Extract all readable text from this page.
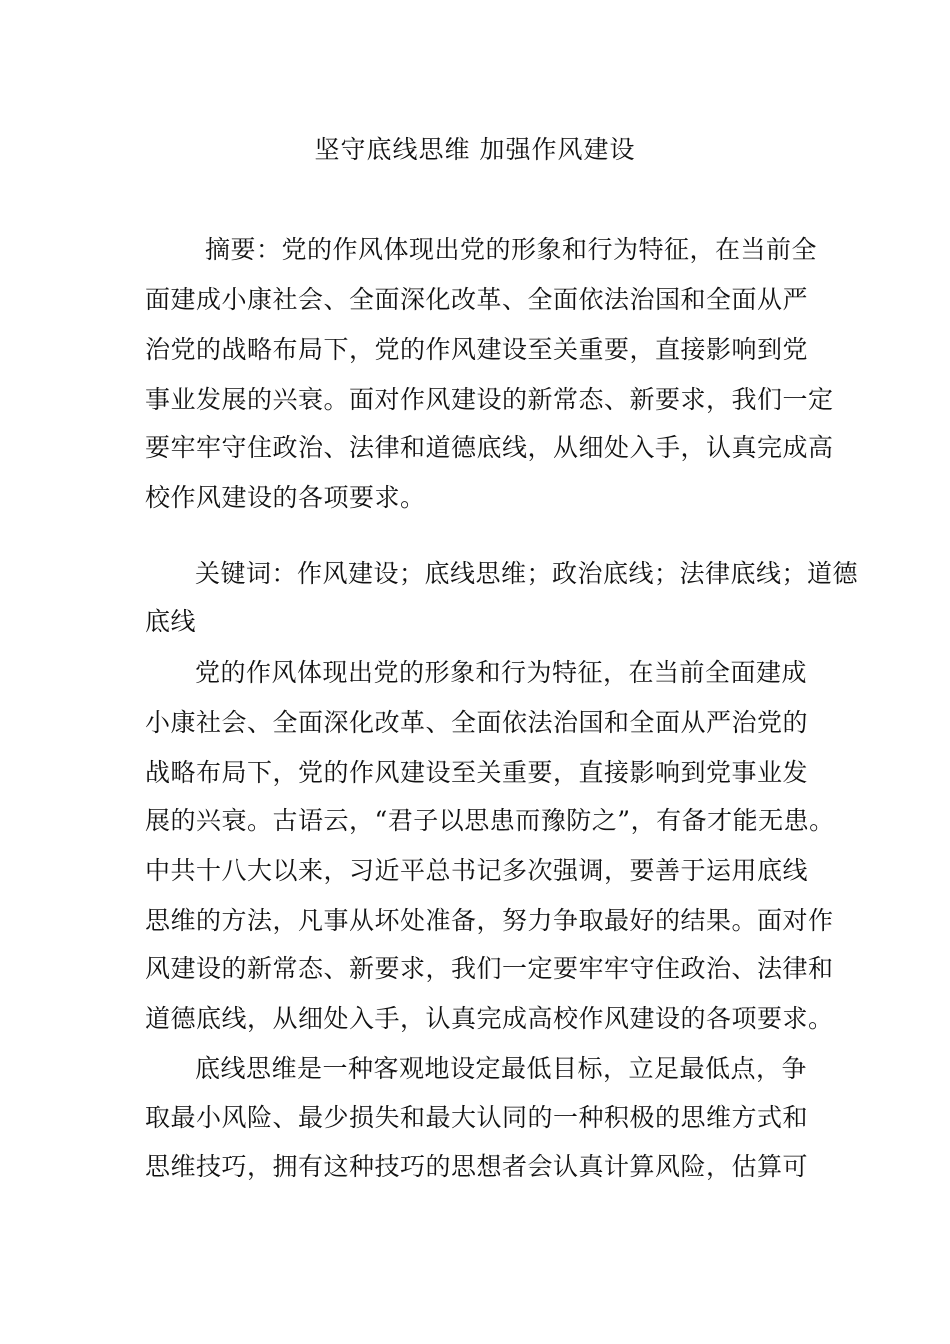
坚守底线思维 加强作风建设
摘要：党的作风体现出党的形象和行为特征，在当前全
面建成小康社会、全面深化改革、全面依法治国和全面从严
治党的战略布局下，党的作风建设至关重要，直接影响到党
事业发展的兴衰。面对作风建设的新常态、新要求，我们一定
要牢牢守住政治、法律和道德底线，从细处入手，认真完成高
校作风建设的各项要求。
关键词：作风建设；底线思维；政治底线；法律底线；道德
底线
党的作风体现出党的形象和行为特征，在当前全面建成
小康社会、全面深化改革、全面依法治国和全面从严治党的
战略布局下，党的作风建设至关重要，直接影响到党事业发
展的兴衰。古语云，“君子以思患而豫防之”，有备才能无患。
中共十八大以来，习近平总书记多次强调，要善于运用底线
思维的方法，凡事从坏处准备，努力争取最好的结果。面对作
风建设的新常态、新要求，我们一定要牢牢守住政治、法律和
道德底线，从细处入手，认真完成高校作风建设的各项要求。
底线思维是一种客观地设定最低目标，立足最低点，争
取最小风险、最少损失和最大认同的一种积极的思维方式和
思维技巧，拥有这种技巧的思想者会认真计算风险，估算可
